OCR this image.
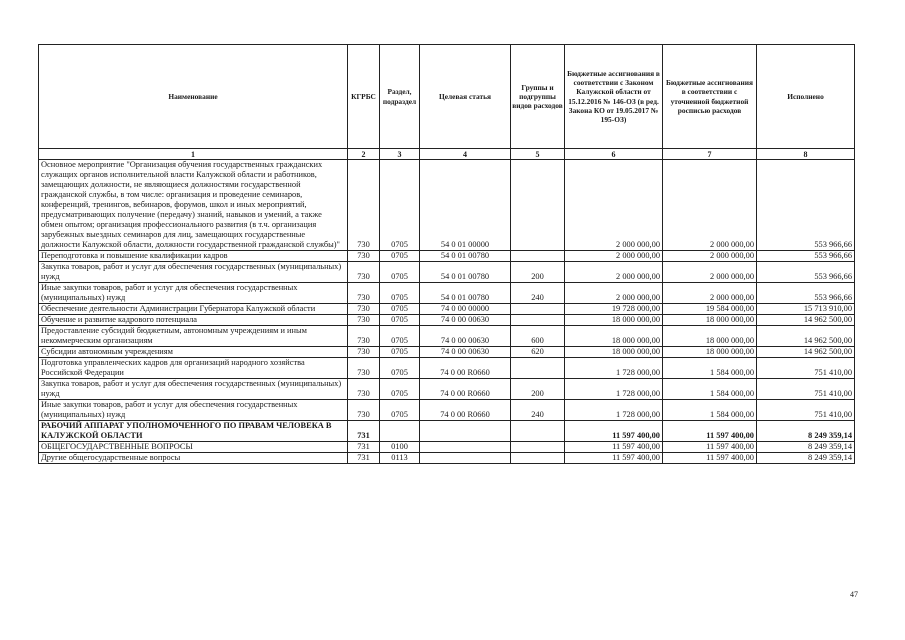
Наименование	КГРБС	Раздел, подраздел	Целевая статья	Группы и подгруппы видов расходов	Бюджетные ассигнования в соответствии с Законом Калужской области от 15.12.2016 № 146-ОЗ (в ред. Закона КО от 19.05.2017 № 195-ОЗ)	Бюджетные ассигнования в соответствии с уточненной бюджетной росписью расходов	Исполнено
1	2	3	4	5	6	7	8
Основное мероприятие "Организация обучения государственных гражданских служащих органов исполнительной власти Калужской области и работников, замещающих должности, не являющиеся должностями государственной гражданской службы, в том числе: организация и проведение семинаров, конференций, тренингов, вебинаров, форумов, школ и иных мероприятий, предусматривающих получение (передачу) знаний, навыков и умений, а также обмен опытом; организация профессионального развития (в т.ч. организация зарубежных выездных семинаров для лиц, замещающих государственные должности Калужской области, должности государственной гражданской службы)"	730	0705	54 0 01 00000		2 000 000,00	2 000 000,00	553 966,66
Переподготовка и повышение квалификации кадров	730	0705	54 0 01 00780		2 000 000,00	2 000 000,00	553 966,66
Закупка товаров, работ и услуг для обеспечения государственных (муниципальных) нужд	730	0705	54 0 01 00780	200	2 000 000,00	2 000 000,00	553 966,66
Иные закупки товаров, работ и услуг для обеспечения государственных (муниципальных) нужд	730	0705	54 0 01 00780	240	2 000 000,00	2 000 000,00	553 966,66
Обеспечение деятельности Администрации Губернатора Калужской области	730	0705	74 0 00 00000		19 728 000,00	19 584 000,00	15 713 910,00
Обучение и развитие кадрового потенциала	730	0705	74 0 00 00630		18 000 000,00	18 000 000,00	14 962 500,00
Предоставление субсидий бюджетным, автономным учреждениям и иным некоммерческим организациям	730	0705	74 0 00 00630	600	18 000 000,00	18 000 000,00	14 962 500,00
Субсидии автономным учреждениям	730	0705	74 0 00 00630	620	18 000 000,00	18 000 000,00	14 962 500,00
Подготовка управленческих кадров для организаций народного хозяйства Российской Федерации	730	0705	74 0 00 R0660		1 728 000,00	1 584 000,00	751 410,00
Закупка товаров, работ и услуг для обеспечения государственных (муниципальных) нужд	730	0705	74 0 00 R0660	200	1 728 000,00	1 584 000,00	751 410,00
Иные закупки товаров, работ и услуг для обеспечения государственных (муниципальных) нужд	730	0705	74 0 00 R0660	240	1 728 000,00	1 584 000,00	751 410,00
РАБОЧИЙ АППАРАТ УПОЛНОМОЧЕННОГО ПО ПРАВАМ ЧЕЛОВЕКА В КАЛУЖСКОЙ ОБЛАСТИ	731				11 597 400,00	11 597 400,00	8 249 359,14
ОБЩЕГОСУДАРСТВЕННЫЕ ВОПРОСЫ	731	0100			11 597 400,00	11 597 400,00	8 249 359,14
Другие общегосударственные вопросы	731	0113			11 597 400,00	11 597 400,00	8 249 359,14
47
